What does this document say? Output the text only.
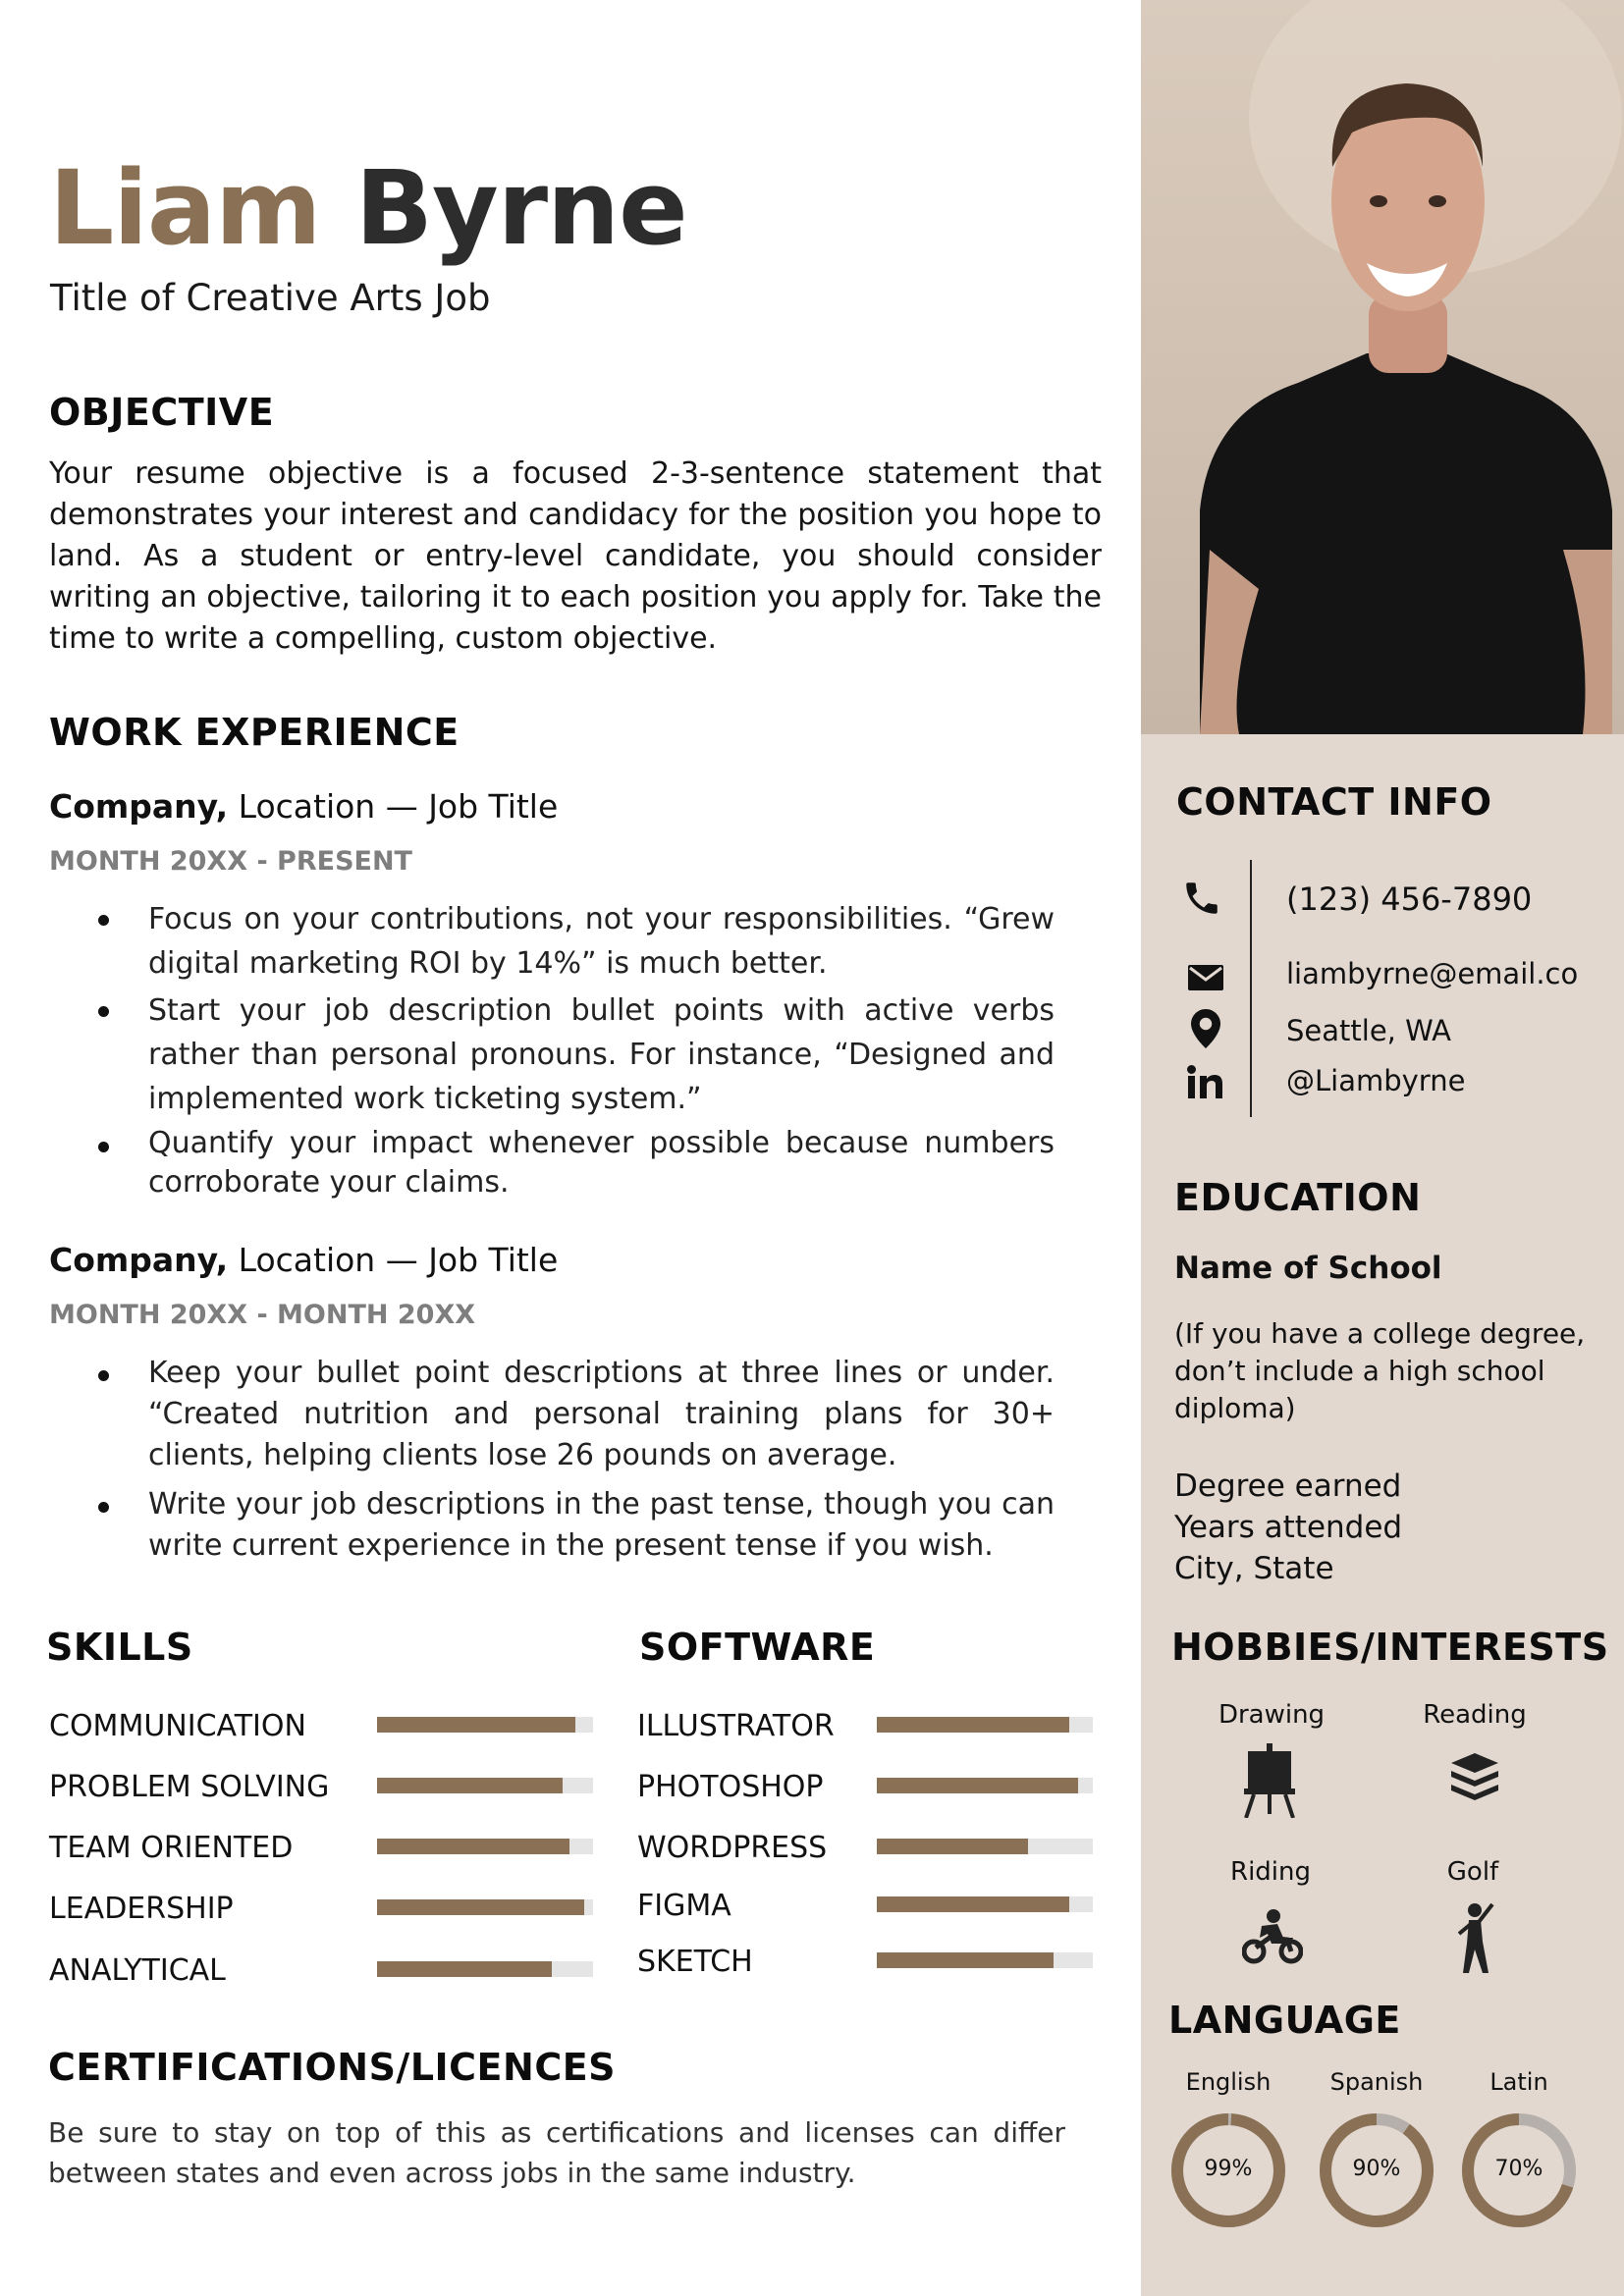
Liam Byrne
Title of Creative Arts Job
OBJECTIVE
Your resume objective is a focused 2-3-sentence statement that demonstrates your interest and candidacy for the position you hope to land. As a student or entry-level candidate, you should consider writing an objective, tailoring it to each position you apply for. Take the time to write a compelling, custom objective.
WORK EXPERIENCE
Company, Location — Job Title
MONTH 20XX - PRESENT
Focus on your contributions, not your responsibilities. “Grew digital marketing ROI by 14%” is much better.
Start your job description bullet points with active verbs rather than personal pronouns. For instance, “Designed and implemented work ticketing system.”
Quantify your impact whenever possible because numbers corroborate your claims.
Company, Location — Job Title
MONTH 20XX - MONTH 20XX
Keep your bullet point descriptions at three lines or under. “Created nutrition and personal training plans for 30+ clients, helping clients lose 26 pounds on average.
Write your job descriptions in the past tense, though you can write current experience in the present tense if you wish.
SKILLS
COMMUNICATION
PROBLEM SOLVING
TEAM ORIENTED
LEADERSHIP
ANALYTICAL
SOFTWARE
ILLUSTRATOR
PHOTOSHOP
WORDPRESS
FIGMA
SKETCH
CERTIFICATIONS/LICENCES
Be sure to stay on top of this as certifications and licenses can differ between states and even across jobs in the same industry.
CONTACT INFO
(123) 456-7890
liambyrne@email.co
Seattle, WA
@Liambyrne
EDUCATION
Name of School
(If you have a college degree, don’t include a high school diploma)
Degree earned
Years attended
City, State
HOBBIES/INTERESTS
Drawing	Reading
Riding	Golf
LANGUAGE
English
99%
Spanish
90%
Latin
70%
